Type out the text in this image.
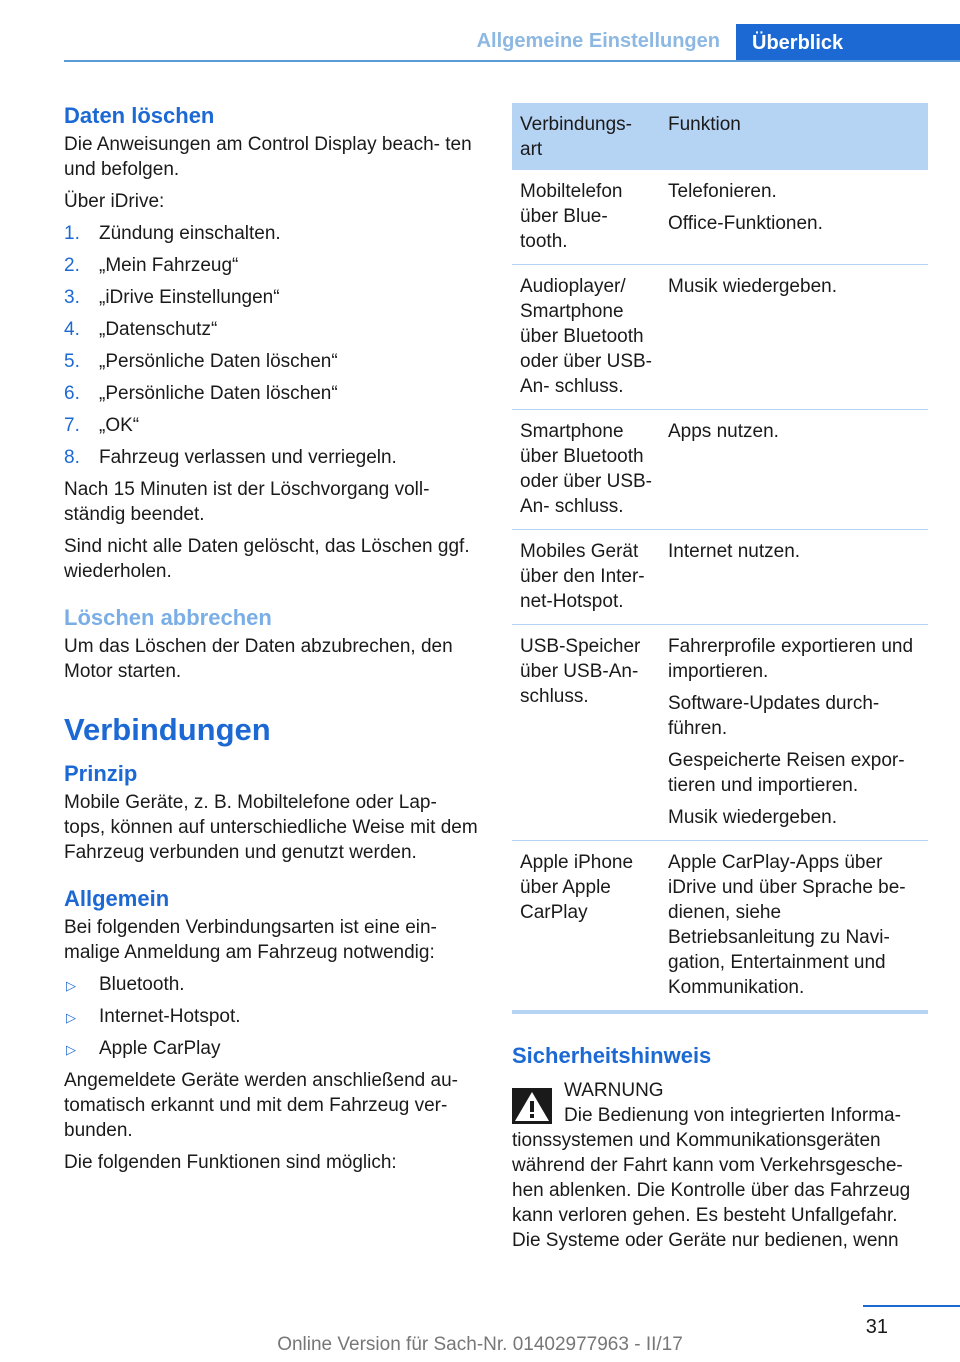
Allgemeine Einstellungen	Überblick
Daten löschen

Die Anweisungen am Control Display beach- ten und befolgen.

Über iDrive:

1. Zündung einschalten.
2. „Mein Fahrzeug“
3. „iDrive Einstellungen“
4. „Datenschutz“
5. „Persönliche Daten löschen“
6. „Persönliche Daten löschen“
7. „OK“
8. Fahrzeug verlassen und verriegeln.

Nach 15 Minuten ist der Löschvorgang voll- ständig beendet.

Sind nicht alle Daten gelöscht, das Löschen ggf. wiederholen.

Löschen abbrechen

Um das Löschen der Daten abzubrechen, den Motor starten.

Verbindungen
Prinzip

Mobile Geräte, z. B. Mobiltelefone oder Lap- tops, können auf unterschiedliche Weise mit dem Fahrzeug verbunden und genutzt werden.

Allgemein

Bei folgenden Verbindungsarten ist eine ein- malige Anmeldung am Fahrzeug notwendig:

▷ Bluetooth.
▷ Internet-Hotspot.
▷ Apple CarPlay

Angemeldete Geräte werden anschließend au- tomatisch erkannt und mit dem Fahrzeug ver- bunden.

Die folgenden Funktionen sind möglich:

Verbindungs- art	Funktion
Mobiltelefon über Blue- tooth.	Telefonieren.

Office-Funktionen.

Audioplayer/ Smartphone über Bluetooth oder über USB-An- schluss.	Musik wiedergeben.

Smartphone über Bluetooth oder über USB-An- schluss.	Apps nutzen.

Mobiles Gerät über den Inter- net-Hotspot.	Internet nutzen.

USB-Speicher über USB-An- schluss.	Fahrerprofile exportieren und importieren.

Software-Updates durch- führen.

Gespeicherte Reisen expor- tieren und importieren.

Musik wiedergeben.

Apple iPhone über Apple CarPlay	Apple CarPlay-Apps über iDrive und über Sprache be- dienen, siehe Betriebsanleitung zu Navi- gation, Entertainment und Kommunikation.

Sicherheitshinweis
WARNUNG

Die Bedienung von integrierten Informa- tionssystemen und Kommunikationsgeräten während der Fahrt kann vom Verkehrsgesche- hen ablenken. Die Kontrolle über das Fahrzeug kann verloren gehen. Es besteht Unfallgefahr. Die Systeme oder Geräte nur bedienen, wenn

31
Online Version für Sach-Nr. 01402977963 - II/17
